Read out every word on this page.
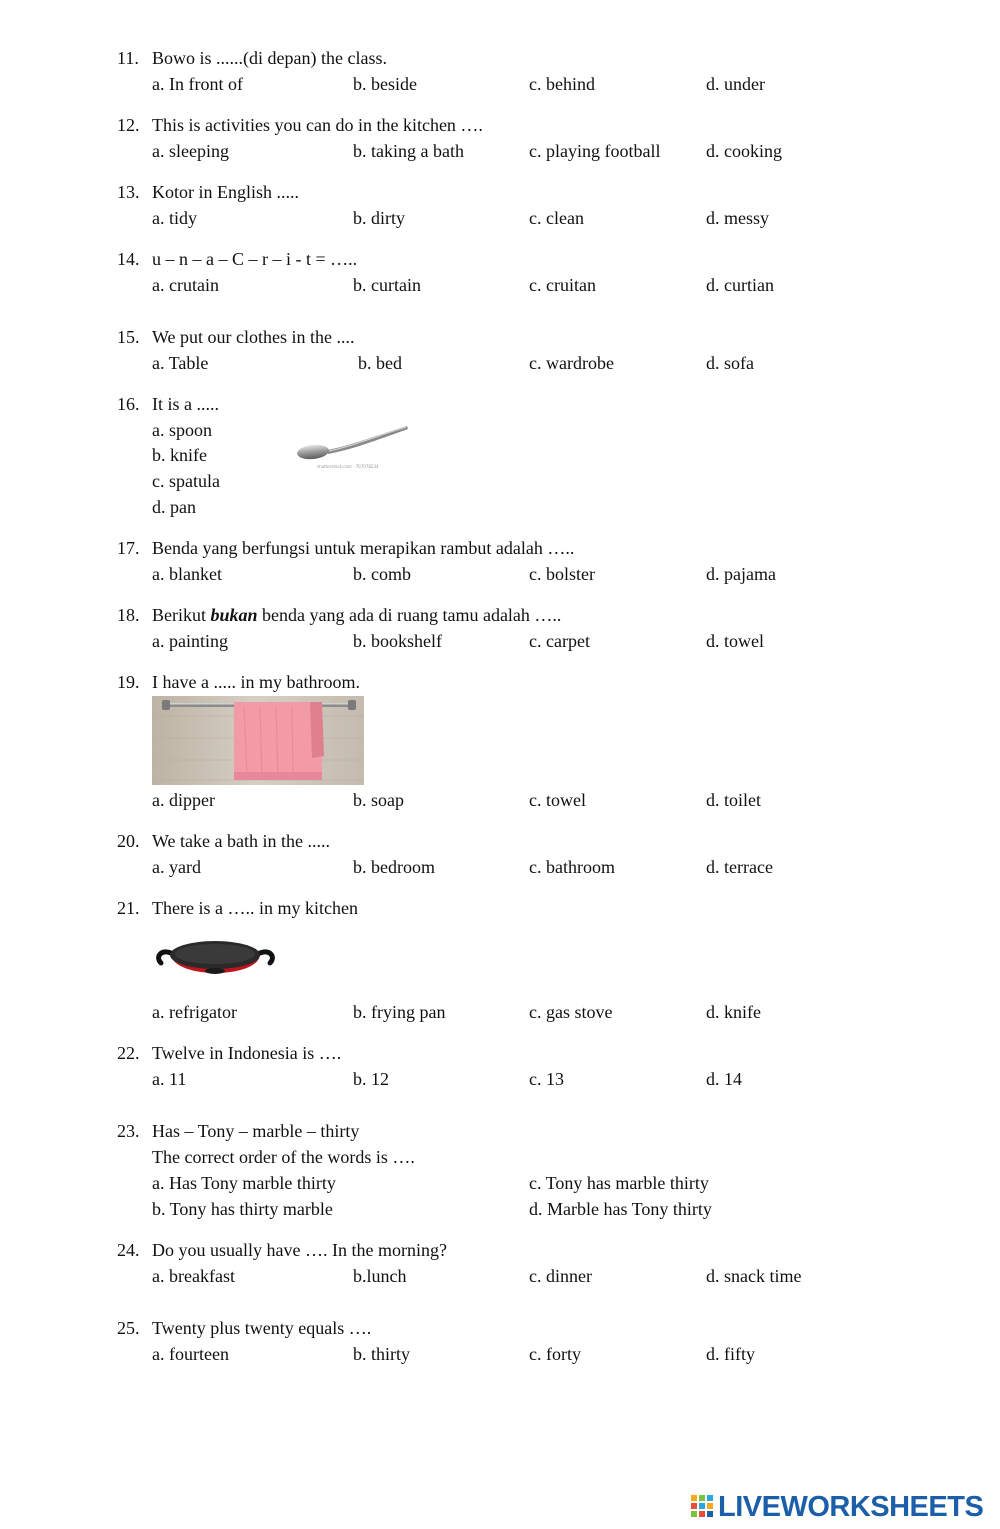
11. Bowo is ......(di depan) the class.
a. In front of	b. beside	c. behind	d. under
12. This is activities you can do in the kitchen ….
a. sleeping	b. taking a bath	c. playing football	d. cooking
13. Kotor in English .....
a. tidy	b. dirty	c. clean	d. messy
14. u – n – a – C – r – i - t = …..
a. crutain	b. curtain	c. cruitan	d. curtian
15. We put our clothes in the ....
a. Table	b. bed	c. wardrobe	d. sofa
16. It is a .....
a. spoon
b. knife
c. spatula
d. pan
shutterstock.com · 707078234
17. Benda yang berfungsi untuk merapikan rambut adalah …..
a. blanket	b. comb	c. bolster	d. pajama
18. Berikut bukan benda yang ada di ruang tamu adalah …..
a. painting	b. bookshelf	c. carpet	d. towel
19. I have a ..... in my bathroom.
a. dipper	b. soap	c. towel	d. toilet
20. We take a bath in the .....
a. yard	b. bedroom	c. bathroom	d. terrace
21. There is a ….. in my kitchen
a. refrigator	b. frying pan	c. gas stove	d. knife
22. Twelve in Indonesia is ….
a. 11	b. 12	c. 13	d. 14
23. Has – Tony – marble – thirty
The correct order of the words is ….
a. Has Tony marble thirty	c. Tony has marble thirty
b. Tony has thirty marble	d. Marble has Tony thirty
24. Do you usually have …. In the morning?
a. breakfast	b.lunch	c. dinner	d. snack time
25. Twenty plus twenty equals ….
a. fourteen	b. thirty	c. forty	d. fifty
LIVEWORKSHEETS
